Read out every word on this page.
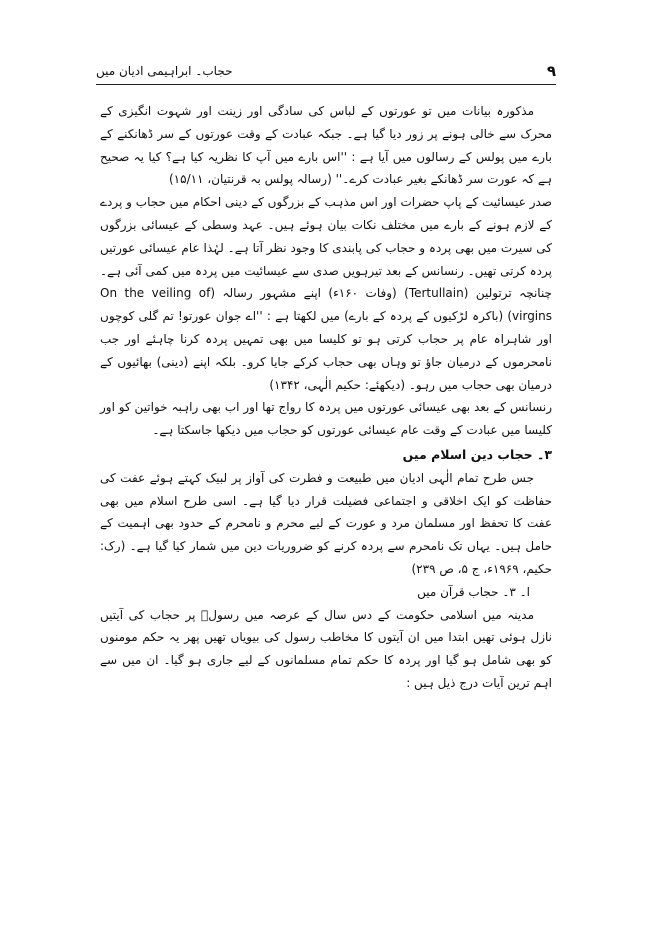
۹
حجاب۔ ابراہیمی ادیان میں

مذکورہ بیانات میں تو عورتوں کے لباس کی سادگی اور زینت اور شہوت انگیزی کے محرک سے خالی ہونے پر زور دیا گیا ہے۔ جبکہ عبادت کے وقت عورتوں کے سر ڈھانکنے کے بارے میں پولس کے رسالوں میں آیا ہے : ''اس بارے میں آپ کا نظریہ کیا ہے؟ کیا یہ صحیح ہے کہ عورت سر ڈھانکے بغیر عبادت کرے۔'' (رسالہ پولس بہ قرنتیان، ۱۵/۱۱)

صدر عیسائیت کے پاپ حضرات اور اس مذہب کے بزرگوں کے دینی احکام میں حجاب و پردے کے لازم ہونے کے بارے میں مختلف نکات بیان ہوئے ہیں۔ عہد وسطی کے عیسائی بزرگوں کی سیرت میں بھی پردہ و حجاب کی پابندی کا وجود نظر آتا ہے۔ لہٰذا عام عیسائی عورتیں پردہ کرتی تھیں۔ رنسانس کے بعد تیرہویں صدی سے عیسائیت میں پردہ میں کمی آئی ہے۔ چنانچہ ترتولین (Tertullain) (وفات ۱۶۰ء) اپنے مشہور رسالہ (On the veiling of virgins) (باکرہ لڑکیوں کے پردہ کے بارے) میں لکھتا ہے : ''اے جوان عورتو! تم گلی کوچوں اور شاہراہ عام پر حجاب کرتی ہو تو کلیسا میں بھی تمہیں پردہ کرنا چاہئے اور جب نامحرموں کے درمیان جاؤ تو وہاں بھی حجاب کرکے جایا کرو۔ بلکہ اپنے (دینی) بھائیوں کے درمیان بھی حجاب میں رہو۔ (دیکھئے: حکیم الٰہی، ۱۳۴۲)

رنسانس کے بعد بھی عیسائی عورتوں میں پردہ کا رواج تھا اور اب بھی راہبہ خواتین کو اور کلیسا میں عبادت کے وقت عام عیسائی عورتوں کو حجاب میں دیکھا جاسکتا ہے۔

۳۔ حجاب دین اسلام میں

جس طرح تمام الٰہی ادیان میں طبیعت و فطرت کی آواز پر لبیک کہتے ہوئے عفت کی حفاظت کو ایک اخلاقی و اجتماعی فضیلت قرار دیا گیا ہے۔ اسی طرح اسلام میں بھی عفت کا تحفظ اور مسلمان مرد و عورت کے لیے محرم و نامحرم کے حدود بھی اہمیت کے حامل ہیں۔ یہاں تک نامحرم سے پردہ کرنے کو ضروریات دین میں شمار کیا گیا ہے۔ (رک: حکیم، ۱۹۶۹ء، ج ۵، ص ۲۳۹)

ا۔ ۳۔ حجاب قرآن میں

مدینہ میں اسلامی حکومت کے دس سال کے عرصہ میں رسولؐ پر حجاب کی آیتیں نازل ہوئی تھیں ابتدا میں ان آیتوں کا مخاطب رسول کی بیویاں تھیں پھر یہ حکم مومنوں کو بھی شامل ہو گیا اور پردہ کا حکم تمام مسلمانوں کے لیے جاری ہو گیا۔ ان میں سے اہم ترین آیات درج ذیل ہیں :
